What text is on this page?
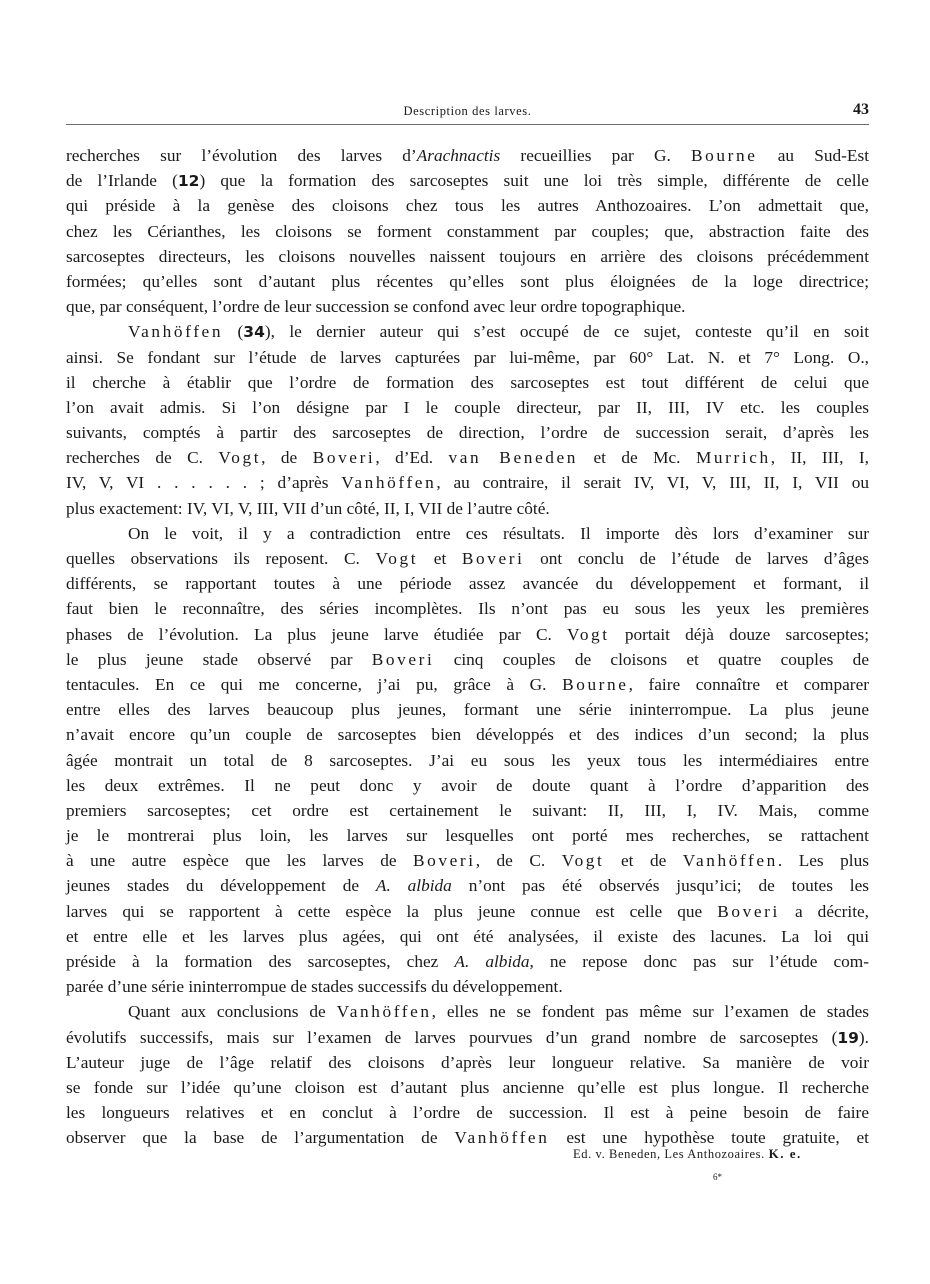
Description des larves.	43
recherches sur l’évolution des larves d’Arachnactis recueillies par G. Bourne au Sud-Est
de l’Irlande (12) que la formation des sarcoseptes suit une loi très simple, différente de celle
qui préside à la genèse des cloisons chez tous les autres Anthozoaires. L’on admettait que,
chez les Cérianthes, les cloisons se forment constamment par couples; que, abstraction faite des
sarcoseptes directeurs, les cloisons nouvelles naissent toujours en arrière des cloisons précédemment
formées; qu’elles sont d’autant plus récentes qu’elles sont plus éloignées de la loge directrice;
que, par conséquent, l’ordre de leur succession se confond avec leur ordre topographique.
Vanhöffen (34), le dernier auteur qui s’est occupé de ce sujet, conteste qu’il en soit
ainsi. Se fondant sur l’étude de larves capturées par lui-même, par 60° Lat. N. et 7° Long. O.,
il cherche à établir que l’ordre de formation des sarcoseptes est tout différent de celui que
l’on avait admis. Si l’on désigne par I le couple directeur, par II, III, IV etc. les couples
suivants, comptés à partir des sarcoseptes de direction, l’ordre de succession serait, d’après les
recherches de C. Vogt, de Boveri, d’Ed. van Beneden et de Mc. Murrich, II, III, I,
IV, V, VI . . . . . . ; d’après Vanhöffen, au contraire, il serait IV, VI, V, III, II, I, VII ou
plus exactement: IV, VI, V, III, VII d’un côté, II, I, VII de l’autre côté.
On le voit, il y a contradiction entre ces résultats. Il importe dès lors d’examiner sur
quelles observations ils reposent. C. Vogt et Boveri ont conclu de l’étude de larves d’âges
différents, se rapportant toutes à une période assez avancée du développement et formant, il
faut bien le reconnaître, des séries incomplètes. Ils n’ont pas eu sous les yeux les premières
phases de l’évolution. La plus jeune larve étudiée par C. Vogt portait déjà douze sarcoseptes;
le plus jeune stade observé par Boveri cinq couples de cloisons et quatre couples de
tentacules. En ce qui me concerne, j’ai pu, grâce à G. Bourne, faire connaître et comparer
entre elles des larves beaucoup plus jeunes, formant une série ininterrompue. La plus jeune
n’avait encore qu’un couple de sarcoseptes bien développés et des indices d’un second; la plus
âgée montrait un total de 8 sarcoseptes. J’ai eu sous les yeux tous les intermédiaires entre
les deux extrêmes. Il ne peut donc y avoir de doute quant à l’ordre d’apparition des
premiers sarcoseptes; cet ordre est certainement le suivant: II, III, I, IV. Mais, comme
je le montrerai plus loin, les larves sur lesquelles ont porté mes recherches, se rattachent
à une autre espèce que les larves de Boveri, de C. Vogt et de Vanhöffen. Les plus
jeunes stades du développement de A. albida n’ont pas été observés jusqu’ici; de toutes les
larves qui se rapportent à cette espèce la plus jeune connue est celle que Boveri a décrite,
et entre elle et les larves plus agées, qui ont été analysées, il existe des lacunes. La loi qui
préside à la formation des sarcoseptes, chez A. albida, ne repose donc pas sur l’étude com-
parée d’une série ininterrompue de stades successifs du développement.
Quant aux conclusions de Vanhöffen, elles ne se fondent pas même sur l’examen de stades
évolutifs successifs, mais sur l’examen de larves pourvues d’un grand nombre de sarcoseptes (19).
L’auteur juge de l’âge relatif des cloisons d’après leur longueur relative. Sa manière de voir
se fonde sur l’idée qu’une cloison est d’autant plus ancienne qu’elle est plus longue. Il recherche
les longueurs relatives et en conclut à l’ordre de succession. Il est à peine besoin de faire
observer que la base de l’argumentation de Vanhöffen est une hypothèse toute gratuite, et
Ed. v. Beneden, Les Anthozoaires. K. e.
6*
